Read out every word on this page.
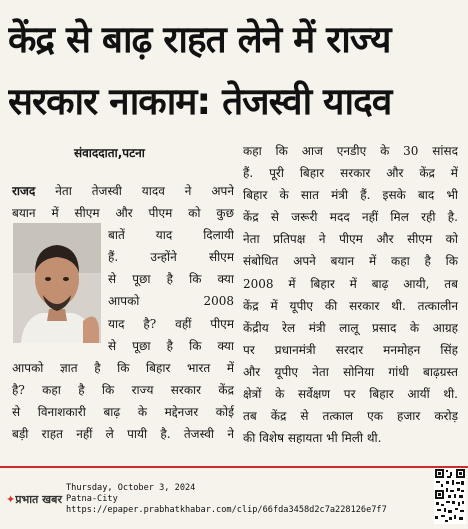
केंद्र से बाढ़ राहत लेने में राज्य
सरकार नाकाम: तेजस्वी यादव
संवाददाता,पटना
राजद नेता तेजस्वी यादव ने अपने
बयान में सीएम और पीएम को कुछ
बातें याद दिलायी
हैं. उन्होंने सीएम
से पूछा है कि क्या
आपको 2008
याद है? वहीं पीएम
से पूछा है कि क्या
आपको ज्ञात है कि बिहार भारत में
है? कहा है कि राज्य सरकार केंद्र
से विनाशकारी बाढ़ के मद्देनजर कोई
बड़ी राहत नहीं ले पायी है. तेजस्वी ने
कहा कि आज एनडीए के 30 सांसद
हैं. पूरी बिहार सरकार और केंद्र में
बिहार के सात मंत्री हैं. इसके बाद भी
केंद्र से जरूरी मदद नहीं मिल रही है.
नेता प्रतिपक्ष ने पीएम और सीएम को
संबोधित अपने बयान में कहा है कि
2008 में बिहार में बाढ़ आयी, तब
केंद्र में यूपीए की सरकार थी. तत्कालीन
केंद्रीय रेल मंत्री लालू प्रसाद के आग्रह
पर प्रधानमंत्री सरदार मनमोहन सिंह
और यूपीए नेता सोनिया गांधी बाढ़ग्रस्त
क्षेत्रों के सर्वेक्षण पर बिहार आयीं थी.
तब केंद्र से तत्काल एक हजार करोड़
की विशेष सहायता भी मिली थी.
✦प्रभात खबर
Thursday, October 3, 2024
Patna-City
https://epaper.prabhatkhabar.com/clip/66fda3458d2c7a228126e7f7
